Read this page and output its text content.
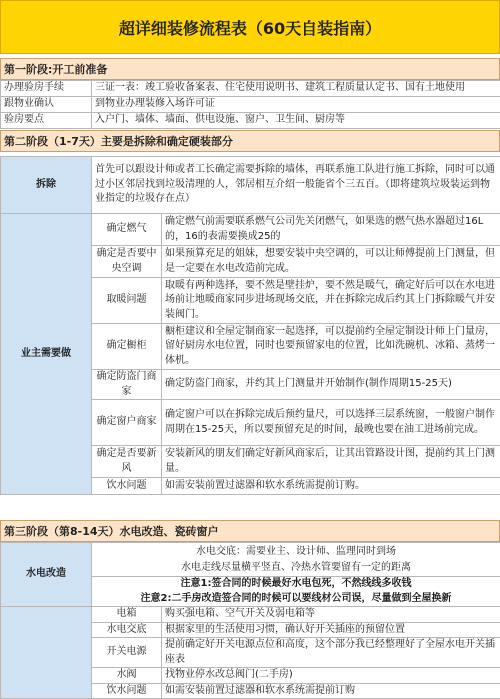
超详细装修流程表（60天自装指南）
第一阶段:开工前准备
办理验房手续	三证一表：竣工验收备案表、住宅使用说明书、建筑工程质量认定书、国有土地使用
跟物业确认	到物业办理装修入场许可证
验房要点	入户门、墙体、墙面、供电设施、窗户、卫生间、厨房等
第二阶段（1-7天）主要是拆除和确定硬装部分
拆除	首先可以跟设计师或者工长确定需要拆除的墙体，再联系施工队进行施工拆除，同时可以通过小区邻居找到垃圾清理的人，邻居相互介绍一般能省个三五百。（即将建筑垃圾装运到物业指定的垃圾存在点）	
业主需要做	确定燃气	确定燃气前需要联系燃气公司先关闭燃气，如果选的燃气热水器超过16L的，16的表需要换成25的
	确定是否要中央空调	如果预算充足的姐妹，想要安装中央空调的，可以让师傅提前上门测量，但是一定要在水电改造前完成。
	取暖问题	取暖有两种选择，要不然是壁挂炉，要不然是暖气，确定好后可以在水电进场前让地暖商家同步进场现场交底，并在拆除完成后约其上门拆除暖气并安装阀门。
	确定橱柜	橱柜建议和全屋定制商家一起选择，可以提前约全屋定制设计师上门量房，留好厨房水电位置，同时也要预留家电的位置，比如洗碗机、冰箱、蒸烤一体机。
	确定防盗门商家	确定防盗门商家，并约其上门测量并开始制作(制作周期15-25天)
	确定窗户商家	确定窗户可以在拆除完成后预约量尺，可以选择三层系统窗，一般窗户制作周期在15-25天，所以要预留充足的时间，最晚也要在油工进场前完成。
	确定是否要新风	安装新风的朋友们确定好新风商家后，让其出管路设计图，提前约其上门测量。
	饮水问题	如需安装前置过滤器和软水系统需提前订购。
第三阶段（第8-14天）水电改造、瓷砖窗户
水电改造	水电交底：需要业主、设计师、监理同时到场
水电走线尽量横平竖直、冷热水管要留有一定的距离	

	注意1:签合同的时候最好水电包死，不然线线多收钱
注意2:二手房改造签合同的时候可以要线材公司误，尽量做到全屋换新	

	电箱	购买强电箱、空气开关及弱电箱等
	水电交底	根据家里的生活使用习惯，确认好开关插座的预留位置
	开关电源	提前确定好开关电源点位和高度，这个部分我已经整理好了全屋水电开关插座表
	水阀	找物业停水改总阀门(二手房)
	饮水问题	如需安装前置过滤器和软水系统需提前订购
